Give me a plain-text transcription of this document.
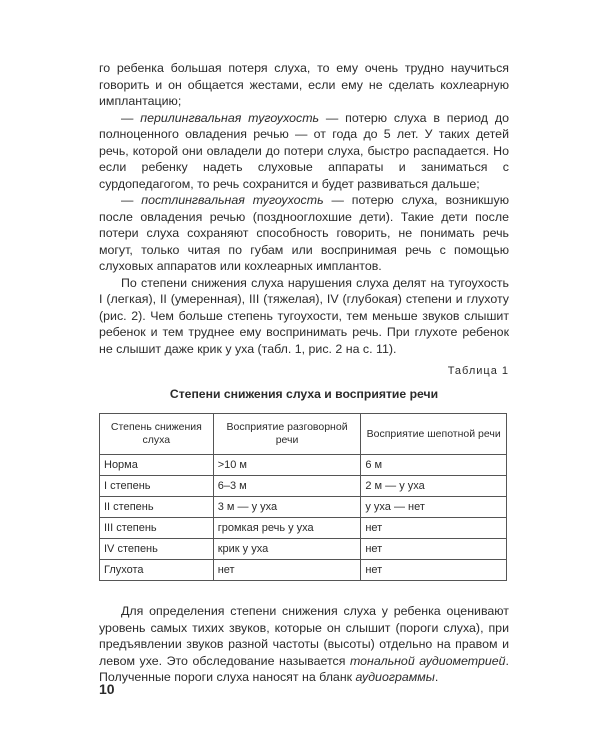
го ребенка большая потеря слуха, то ему очень трудно научиться говорить и он общается жестами, если ему не сделать кохлеарную имплантацию;

— перилингвальная тугоухость — потерю слуха в период до полноценного овладения речью — от года до 5 лет. У таких детей речь, которой они овладели до потери слуха, быстро распадается. Но если ребенку надеть слуховые аппараты и заниматься с сурдопедагогом, то речь сохранится и будет развиваться дальше;

— постлингвальная тугоухость — потерю слуха, возникшую после овладения речью (позднооглохшие дети). Такие дети после потери слуха сохраняют способность говорить, не понимать речь могут, только читая по губам или воспринимая речь с помощью слуховых аппаратов или кохлеарных имплантов.

По степени снижения слуха нарушения слуха делят на тугоухость I (легкая), II (умеренная), III (тяжелая), IV (глубокая) степени и глухоту (рис. 2). Чем больше степень тугоухости, тем меньше звуков слышит ребенок и тем труднее ему воспринимать речь. При глухоте ребенок не слышит даже крик у уха (табл. 1, рис. 2 на с. 11).

Таблица 1
Степени снижения слуха и восприятие речи
Степень снижения слуха	Восприятие разговорной речи	Восприятие шепотной речи
Норма	>10 м	6 м
I степень	6–3 м	2 м — у уха
II степень	3 м — у уха	у уха — нет
III степень	громкая речь у уха	нет
IV степень	крик у уха	нет
Глухота	нет	нет

Для определения степени снижения слуха у ребенка оценивают уровень самых тихих звуков, которые он слышит (пороги слуха), при предъявлении звуков разной частоты (высоты) отдельно на правом и левом ухе. Это обследование называется тональной аудиометрией. Полученные пороги слуха наносят на бланк аудиограммы.

10
